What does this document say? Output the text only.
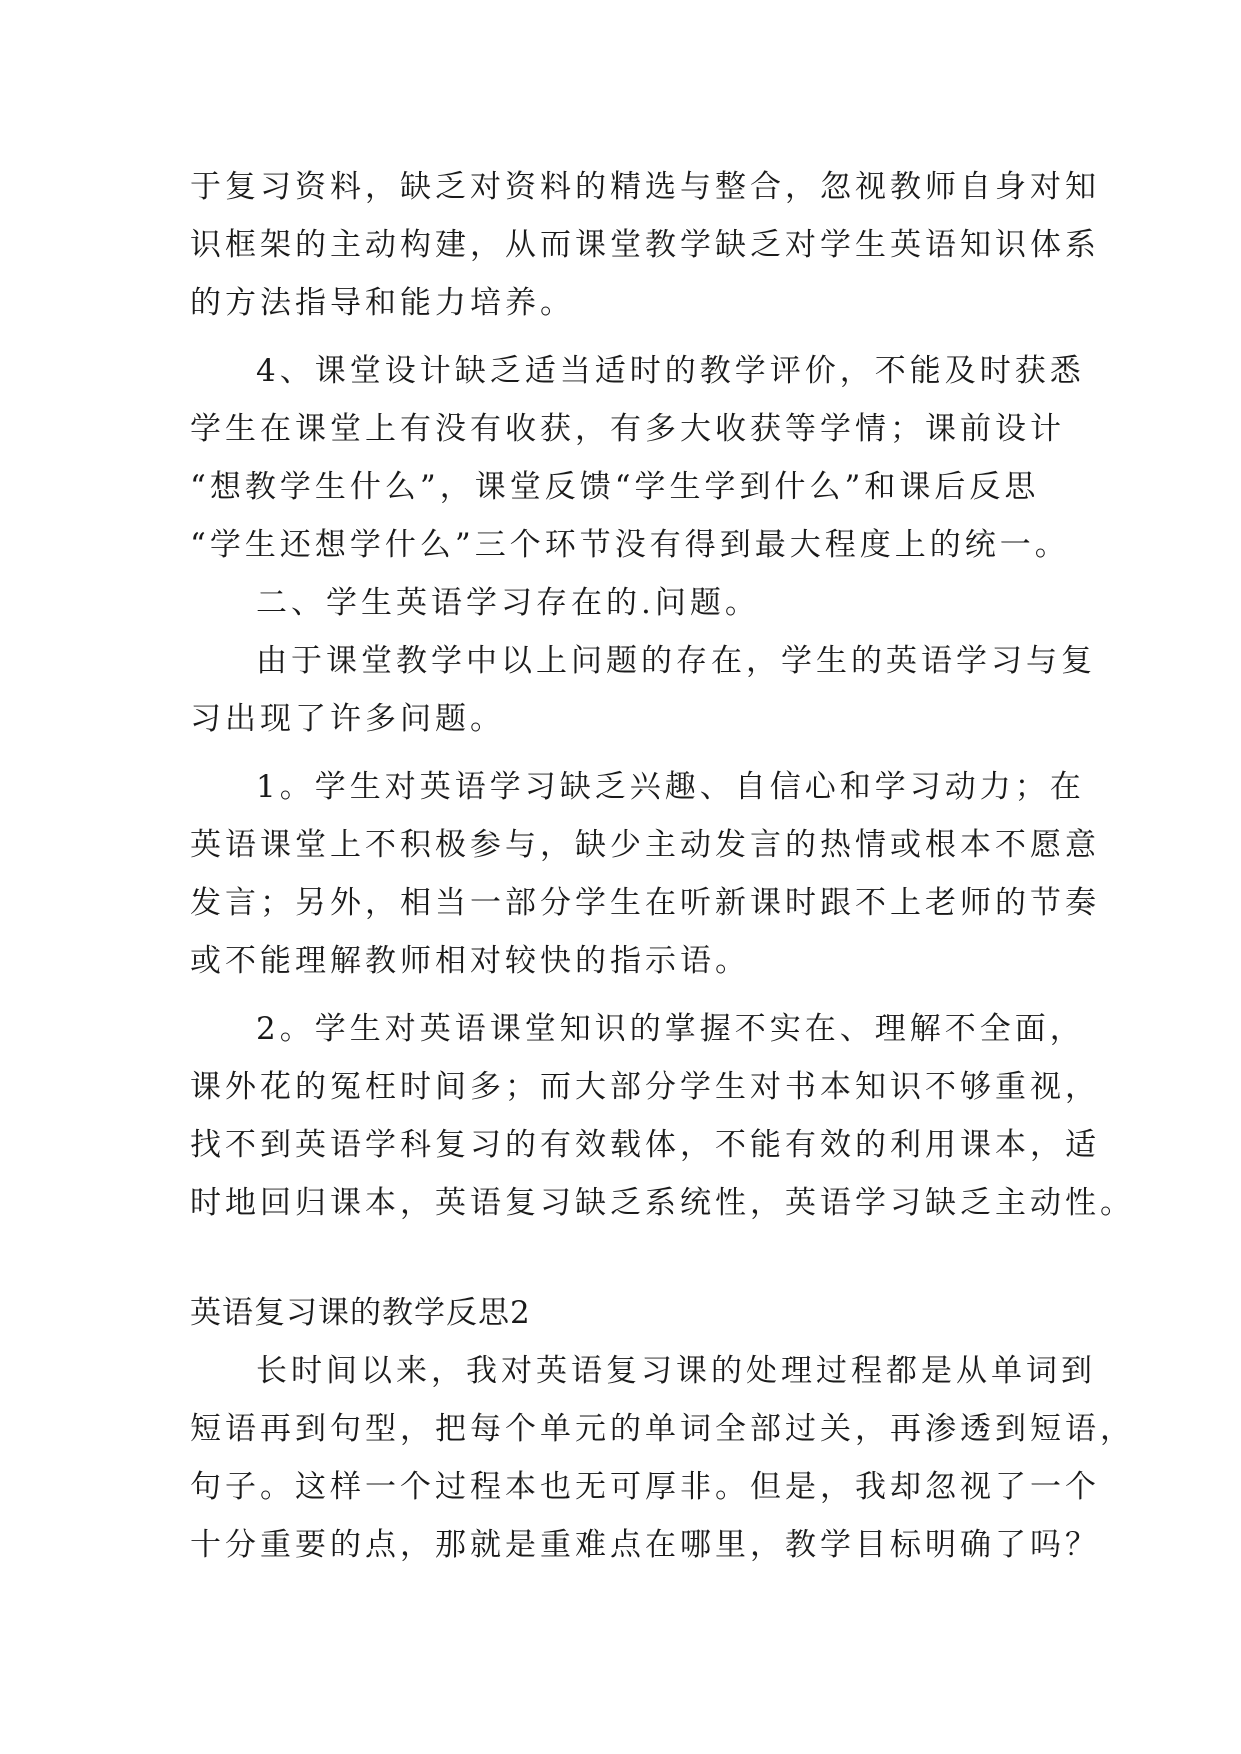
于复习资料，缺乏对资料的精选与整合，忽视教师自身对知
识框架的主动构建，从而课堂教学缺乏对学生英语知识体系
的方法指导和能力培养。
4、课堂设计缺乏适当适时的教学评价，不能及时获悉
学生在课堂上有没有收获，有多大收获等学情；课前设计
“想教学生什么”，课堂反馈“学生学到什么”和课后反思
“学生还想学什么”三个环节没有得到最大程度上的统一。
二、学生英语学习存在的.问题。
由于课堂教学中以上问题的存在，学生的英语学习与复
习出现了许多问题。
1。学生对英语学习缺乏兴趣、自信心和学习动力；在
英语课堂上不积极参与，缺少主动发言的热情或根本不愿意
发言；另外，相当一部分学生在听新课时跟不上老师的节奏
或不能理解教师相对较快的指示语。
2。学生对英语课堂知识的掌握不实在、理解不全面，
课外花的冤枉时间多；而大部分学生对书本知识不够重视，
找不到英语学科复习的有效载体，不能有效的利用课本，适
时地回归课本，英语复习缺乏系统性，英语学习缺乏主动性。
英语复习课的教学反思2
长时间以来，我对英语复习课的处理过程都是从单词到
短语再到句型，把每个单元的单词全部过关，再渗透到短语，
句子。这样一个过程本也无可厚非。但是，我却忽视了一个
十分重要的点，那就是重难点在哪里，教学目标明确了吗？
